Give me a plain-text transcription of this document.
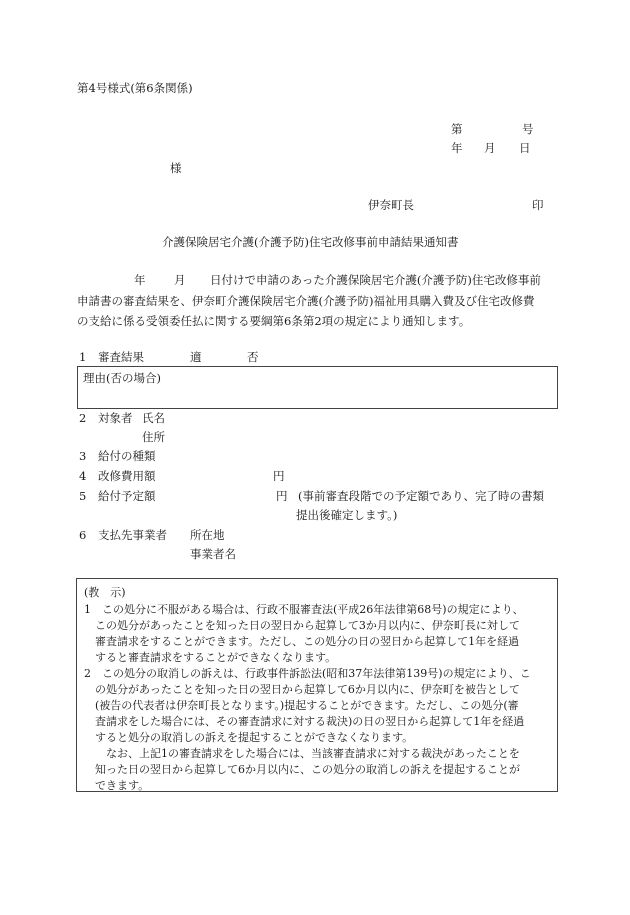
第4号様式(第6条関係)
第	号
年 月 日
様
伊奈町長	印
介護保険居宅介護(介護予防)住宅改修事前申請結果通知書
年 月 日付けで申請のあった介護保険居宅介護(介護予防)住宅改修事前
申請書の審査結果を、伊奈町介護保険居宅介護(介護予防)福祉用具購入費及び住宅改修費
の支給に係る受領委任払に関する要綱第6条第2項の規定により通知します。
1 審査結果	適	否
理由(否の場合)
2 対象者 氏名
住所
3 給付の種類
4 改修費用額	円
5 給付予定額	円 (事前審査段階での予定額であり、完了時の書類
提出後確定します。)
6 支払先事業者 所在地
事業者名
(教　示)
1　この処分に不服がある場合は、行政不服審査法(平成26年法律第68号)の規定により、
　この処分があったことを知った日の翌日から起算して3か月以内に、伊奈町長に対して
　審査請求をすることができます。ただし、この処分の日の翌日から起算して1年を経過
　すると審査請求をすることができなくなります。
2　この処分の取消しの訴えは、行政事件訴訟法(昭和37年法律第139号)の規定により、こ
　の処分があったことを知った日の翌日から起算して6か月以内に、伊奈町を被告として
　(被告の代表者は伊奈町長となります。)提起することができます。ただし、この処分(審
　査請求をした場合には、その審査請求に対する裁決)の日の翌日から起算して1年を経過
　すると処分の取消しの訴えを提起することができなくなります。
　　なお、上記1の審査請求をした場合には、当該審査請求に対する裁決があったことを
　知った日の翌日から起算して6か月以内に、この処分の取消しの訴えを提起することが
　できます。
